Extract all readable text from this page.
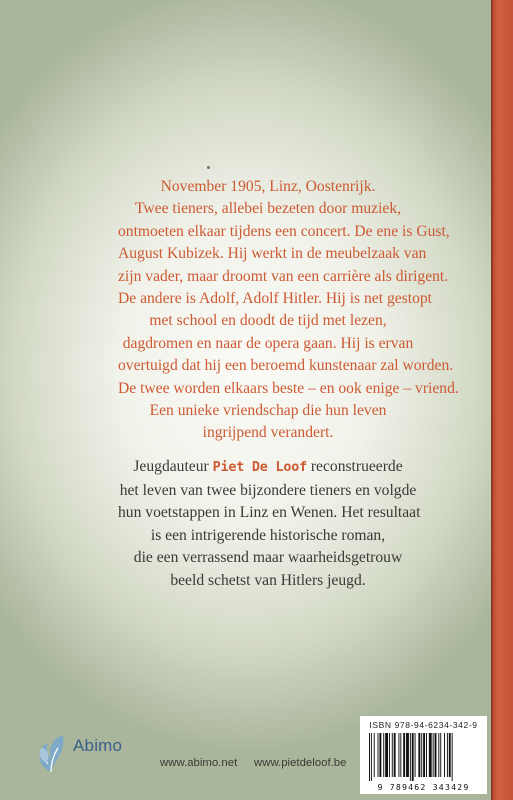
November 1905, Linz, Oostenrijk.
Twee tieners, allebei bezeten door muziek,
ontmoeten elkaar tijdens een concert. De ene is Gust,
August Kubizek. Hij werkt in de meubelzaak van
zijn vader, maar droomt van een carrière als dirigent.
De andere is Adolf, Adolf Hitler. Hij is net gestopt
met school en doodt de tijd met lezen,
dagdromen en naar de opera gaan. Hij is ervan
overtuigd dat hij een beroemd kunstenaar zal worden.
De twee worden elkaars beste – en ook enige – vriend.
Een unieke vriendschap die hun leven
ingrijpend verandert.
Jeugdauteur Piet De Loof reconstrueerde
het leven van twee bijzondere tieners en volgde
hun voetstappen in Linz en Wenen. Het resultaat
is een intrigerende historische roman,
die een verrassend maar waarheidsgetrouw
beeld schetst van Hitlers jeugd.
Abimo
www.abimo.net www.pietdeloof.be
ISBN 978-94-6234-342-9
9 789462 343429
